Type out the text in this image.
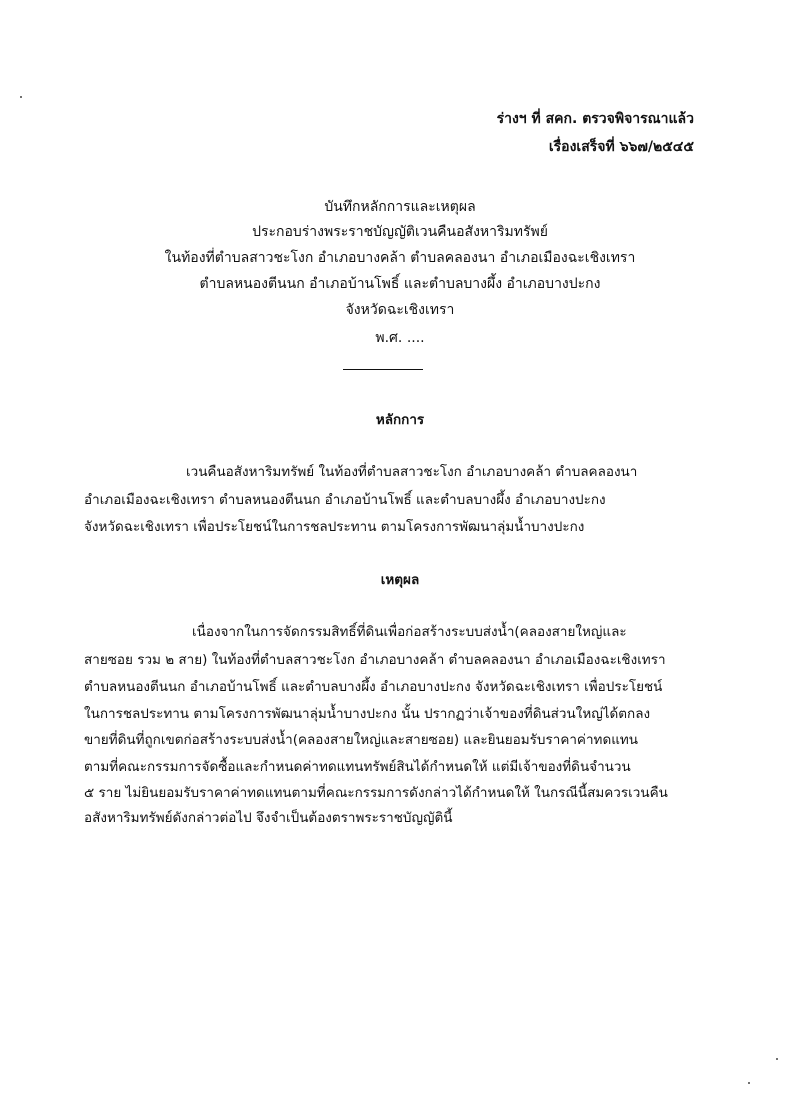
ร่างฯ ที่ สคก. ตรวจพิจารณาแล้ว
เรื่องเสร็จที่ ๖๖๗/๒๕๔๕
บันทึกหลักการและเหตุผล
ประกอบร่างพระราชบัญญัติเวนคืนอสังหาริมทรัพย์
ในท้องที่ตำบลสาวชะโงก อำเภอบางคล้า ตำบลคลองนา อำเภอเมืองฉะเชิงเทรา
ตำบลหนองตีนนก อำเภอบ้านโพธิ์ และตำบลบางผึ้ง อำเภอบางปะกง
จังหวัดฉะเชิงเทรา
พ.ศ. ....
หลักการ
เวนคืนอสังหาริมทรัพย์ ในท้องที่ตำบลสาวชะโงก อำเภอบางคล้า ตำบลคลองนา
อำเภอเมืองฉะเชิงเทรา ตำบลหนองตีนนก อำเภอบ้านโพธิ์ และตำบลบางผึ้ง อำเภอบางปะกง
จังหวัดฉะเชิงเทรา เพื่อประโยชน์ในการชลประทาน ตามโครงการพัฒนาลุ่มน้ำบางปะกง
เหตุผล
เนื่องจากในการจัดกรรมสิทธิ์ที่ดินเพื่อก่อสร้างระบบส่งน้ำ(คลองสายใหญ่และ
สายซอย รวม ๒ สาย) ในท้องที่ตำบลสาวชะโงก อำเภอบางคล้า ตำบลคลองนา อำเภอเมืองฉะเชิงเทรา
ตำบลหนองตีนนก อำเภอบ้านโพธิ์ และตำบลบางผึ้ง อำเภอบางปะกง จังหวัดฉะเชิงเทรา เพื่อประโยชน์
ในการชลประทาน ตามโครงการพัฒนาลุ่มน้ำบางปะกง นั้น ปรากฏว่าเจ้าของที่ดินส่วนใหญ่ได้ตกลง
ขายที่ดินที่ถูกเขตก่อสร้างระบบส่งน้ำ(คลองสายใหญ่และสายซอย) และยินยอมรับราคาค่าทดแทน
ตามที่คณะกรรมการจัดซื้อและกำหนดค่าทดแทนทรัพย์สินได้กำหนดให้ แต่มีเจ้าของที่ดินจำนวน
๕ ราย ไม่ยินยอมรับราคาค่าทดแทนตามที่คณะกรรมการดังกล่าวได้กำหนดให้ ในกรณีนี้สมควรเวนคืน
อสังหาริมทรัพย์ดังกล่าวต่อไป จึงจำเป็นต้องตราพระราชบัญญัตินี้
